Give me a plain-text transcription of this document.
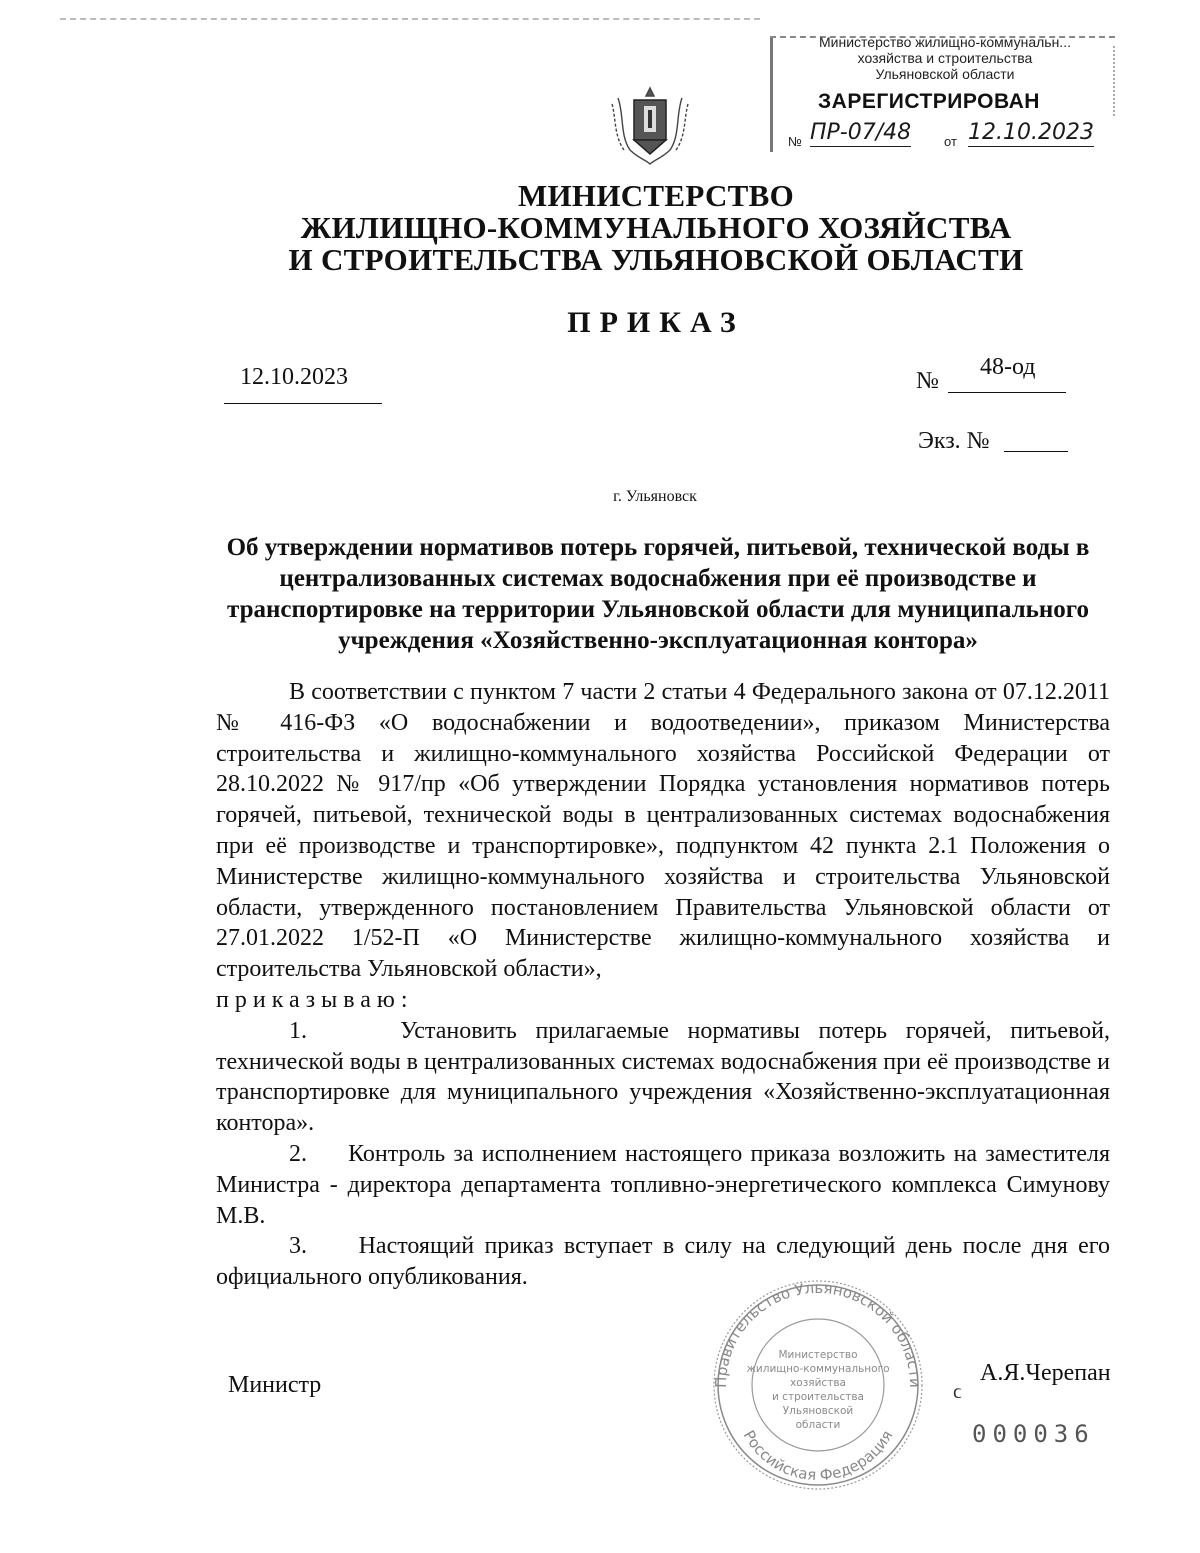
Министерство жилищно-коммунальн...
хозяйства и строительства
Ульяновской области
ЗАРЕГИСТРИРОВАН
№ ПР-07/48	от 12.10.2023
МИНИСТЕРСТВО
ЖИЛИЩНО-КОММУНАЛЬНОГО ХОЗЯЙСТВА
И СТРОИТЕЛЬСТВА УЛЬЯНОВСКОЙ ОБЛАСТИ
ПРИКАЗ
12.10.2023	№
48-од
Экз. №
г. Ульяновск
Об утверждении нормативов потерь горячей, питьевой, технической воды в централизованных системах водоснабжения при её производстве и транспортировке на территории Ульяновской области для муниципального учреждения «Хозяйственно-эксплуатационная контора»

В соответствии с пунктом 7 части 2 статьи 4 Федерального закона от 07.12.2011 № 416-ФЗ «О водоснабжении и водоотведении», приказом Министерства строительства и жилищно-коммунального хозяйства Российской Федерации от 28.10.2022 № 917/пр «Об утверждении Порядка установления нормативов потерь горячей, питьевой, технической воды в централизованных системах водоснабжения при её производстве и транспортировке», подпунктом 42 пункта 2.1 Положения о Министерстве жилищно-коммунального хозяйства и строительства Ульяновской области, утвержденного постановлением Правительства Ульяновской области от 27.01.2022 1/52-П «О Министерстве жилищно-коммунального хозяйства и строительства Ульяновской области»,

приказываю:

1.	Установить прилагаемые нормативы потерь горячей, питьевой, технической воды в централизованных системах водоснабжения при её производстве и транспортировке для муниципального учреждения «Хозяйственно-эксплуатационная контора».

2. Контроль за исполнением настоящего приказа возложить на заместителя Министра - директора департамента топливно-энергетического комплекса Симунову М.В.

3. Настоящий приказ вступает в силу на следующий день после дня его официального опубликования.

Правительство Ульяновской области
Российская Федерация
Министерство
жилищно-коммунального
хозяйства
и строительства
Ульяновской
области
Министр	ϲ
А.Я.Черепан
000036
